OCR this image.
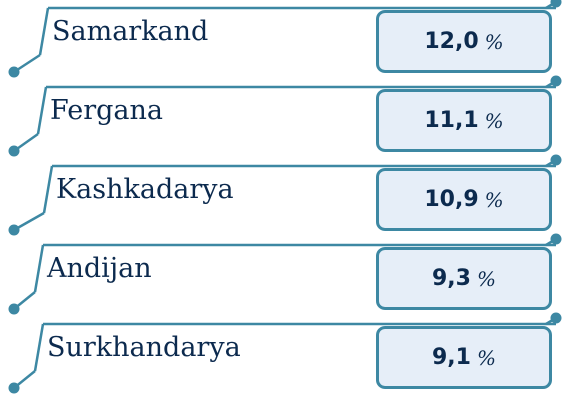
Samarkand	12,0 %
Fergana	11,1 %
Kashkadarya	10,9 %
Andijan	9,3 %
Surkhandarya	9,1 %
